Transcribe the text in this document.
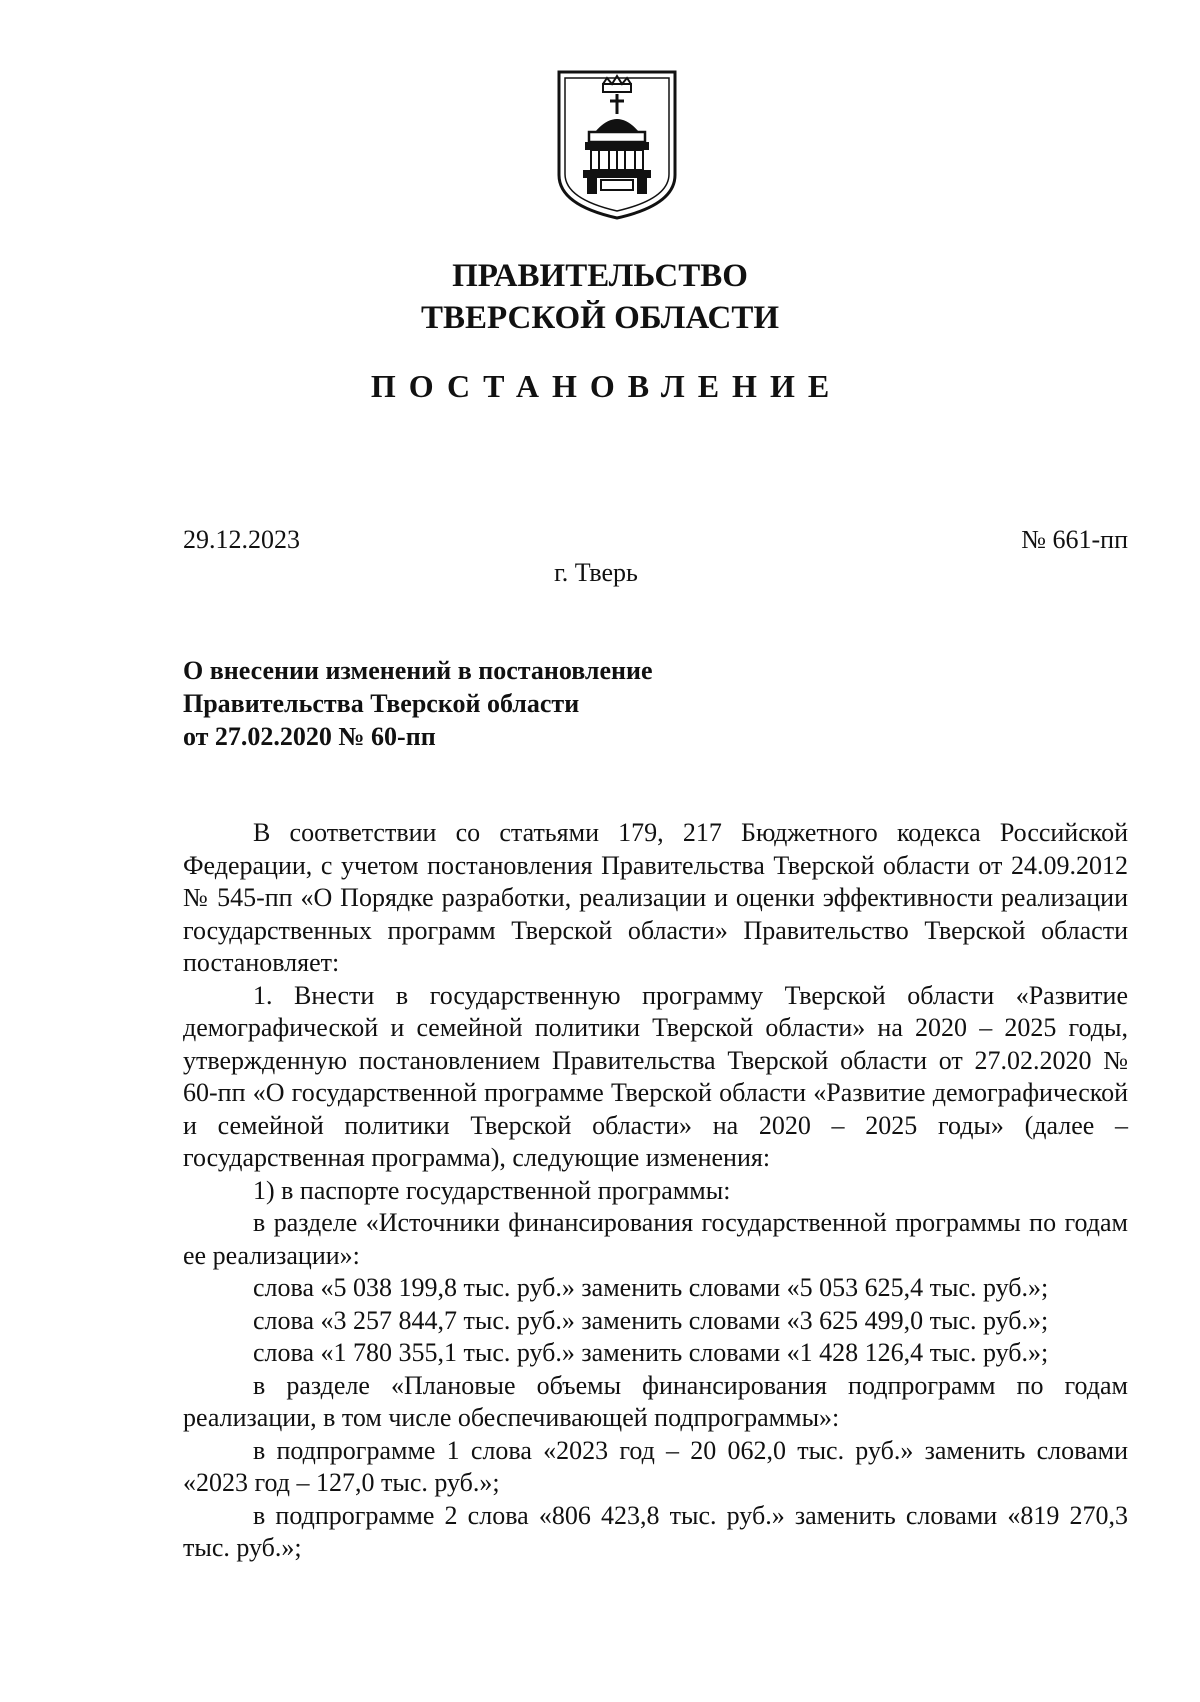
ПРАВИТЕЛЬСТВО
ТВЕРСКОЙ ОБЛАСТИ
ПОСТАНОВЛЕНИЕ
29.12.2023	№ 661-пп
г. Тверь
О внесении изменений в постановление
Правительства Тверской области
от 27.02.2020 № 60-пп

В соответствии со статьями 179, 217 Бюджетного кодекса Российской Федерации, с учетом постановления Правительства Тверской области от 24.09.2012 № 545-пп «О Порядке разработки, реализации и оценки эффективности реализации государственных программ Тверской области» Правительство Тверской области постановляет:

1. Внести в государственную программу Тверской области «Развитие демографической и семейной политики Тверской области» на 2020 – 2025 годы, утвержденную постановлением Правительства Тверской области от 27.02.2020 № 60-пп «О государственной программе Тверской области «Развитие демографической и семейной политики Тверской области» на 2020 – 2025 годы» (далее – государственная программа), следующие изменения:

1) в паспорте государственной программы:

в разделе «Источники финансирования государственной программы по годам ее реализации»:

слова «5 038 199,8 тыс. руб.» заменить словами «5 053 625,4 тыс. руб.»;

слова «3 257 844,7 тыс. руб.» заменить словами «3 625 499,0 тыс. руб.»;

слова «1 780 355,1 тыс. руб.» заменить словами «1 428 126,4 тыс. руб.»;

в разделе «Плановые объемы финансирования подпрограмм по годам реализации, в том числе обеспечивающей подпрограммы»:

в подпрограмме 1 слова «2023 год – 20 062,0 тыс. руб.» заменить словами «2023 год – 127,0 тыс. руб.»;

в подпрограмме 2 слова «806 423,8 тыс. руб.» заменить словами «819 270,3 тыс. руб.»;
